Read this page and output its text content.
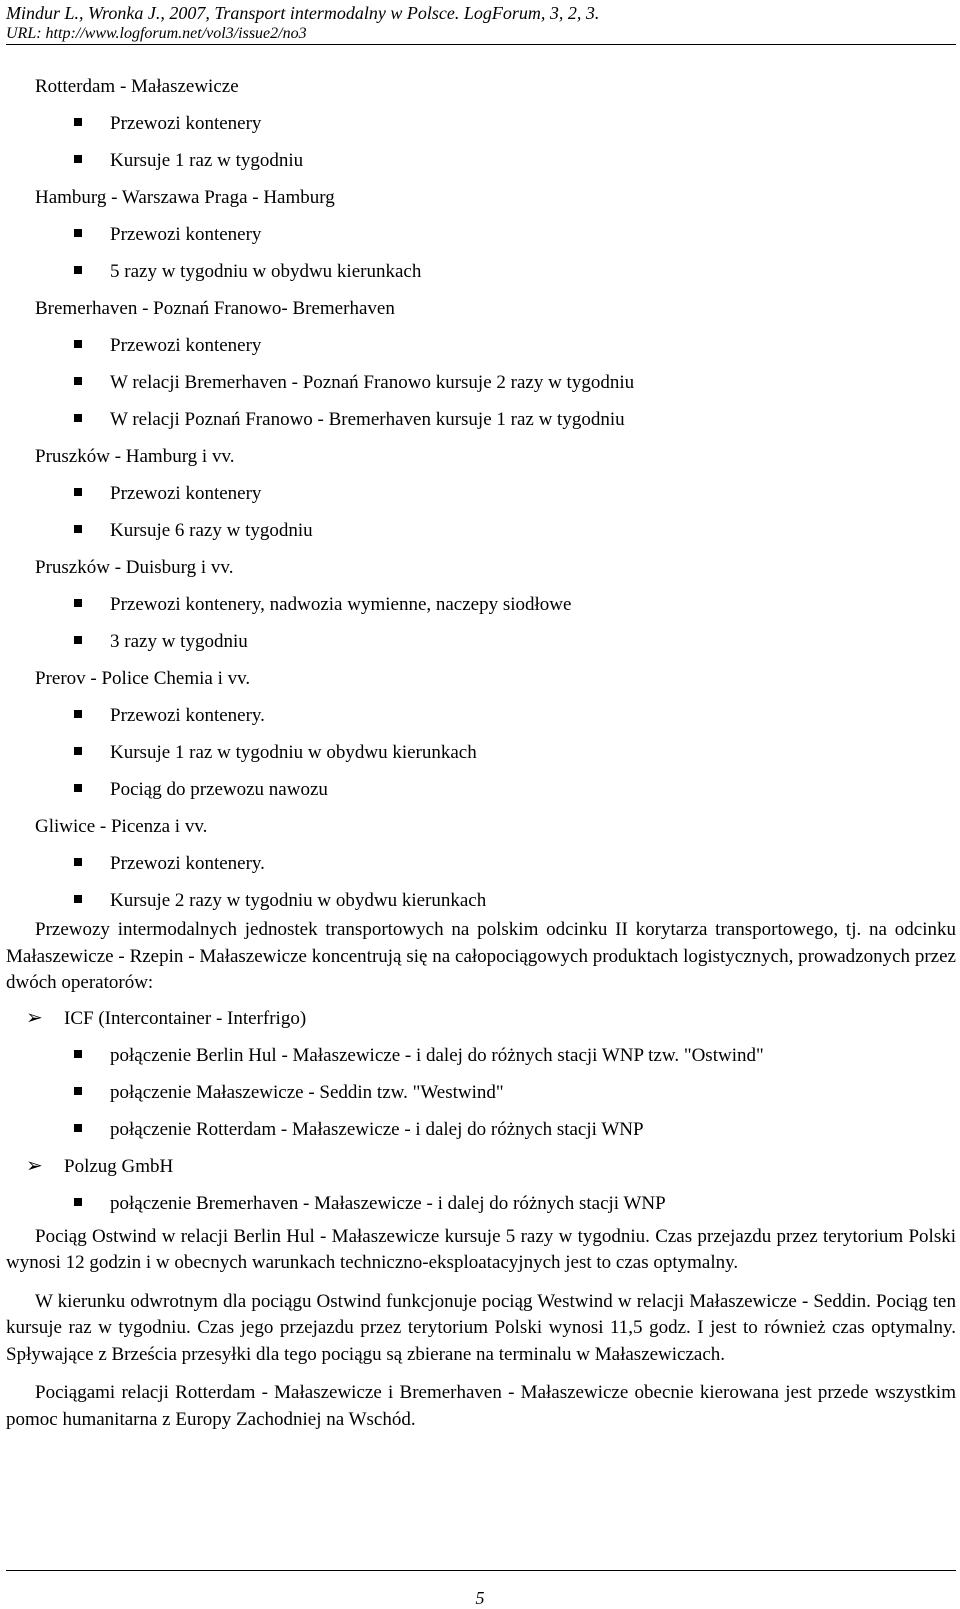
Mindur L., Wronka J., 2007, Transport intermodalny w Polsce. LogForum, 3, 2, 3.
URL: http://www.logforum.net/vol3/issue2/no3
Rotterdam - Małaszewicze
Przewozi kontenery
Kursuje 1 raz w tygodniu
Hamburg - Warszawa Praga - Hamburg
Przewozi kontenery
5 razy w tygodniu w obydwu kierunkach
Bremerhaven - Poznań Franowo- Bremerhaven
Przewozi kontenery
W relacji Bremerhaven - Poznań Franowo kursuje 2 razy w tygodniu
W relacji Poznań Franowo - Bremerhaven kursuje 1 raz w tygodniu
Pruszków - Hamburg i vv.
Przewozi kontenery
Kursuje 6 razy w tygodniu
Pruszków - Duisburg i vv.
Przewozi kontenery, nadwozia wymienne, naczepy siodłowe
3 razy w tygodniu
Prerov - Police Chemia i vv.
Przewozi kontenery.
Kursuje 1 raz w tygodniu w obydwu kierunkach
Pociąg do przewozu nawozu
Gliwice - Picenza i vv.
Przewozi kontenery.
Kursuje 2 razy w tygodniu w obydwu kierunkach

Przewozy intermodalnych jednostek transportowych na polskim odcinku II korytarza transportowego, tj. na odcinku Małaszewicze - Rzepin - Małaszewicze koncentrują się na całopociągowych produktach logistycznych, prowadzonych przez dwóch operatorów:

➢ ICF (Intercontainer - Interfrigo)
połączenie Berlin Hul - Małaszewicze - i dalej do różnych stacji WNP tzw. "Ostwind"
połączenie Małaszewicze - Seddin tzw. "Westwind"
połączenie Rotterdam - Małaszewicze - i dalej do różnych stacji WNP
➢ Polzug GmbH
połączenie Bremerhaven - Małaszewicze - i dalej do różnych stacji WNP

Pociąg Ostwind w relacji Berlin Hul - Małaszewicze kursuje 5 razy w tygodniu. Czas przejazdu przez terytorium Polski wynosi 12 godzin i w obecnych warunkach techniczno-eksploatacyjnych jest to czas optymalny.

W kierunku odwrotnym dla pociągu Ostwind funkcjonuje pociąg Westwind w relacji Małaszewicze - Seddin. Pociąg ten kursuje raz w tygodniu. Czas jego przejazdu przez terytorium Polski wynosi 11,5 godz. I jest to również czas optymalny. Spływające z Brześcia przesyłki dla tego pociągu są zbierane na terminalu w Małaszewiczach.

Pociągami relacji Rotterdam - Małaszewicze i Bremerhaven - Małaszewicze obecnie kierowana jest przede wszystkim pomoc humanitarna z Europy Zachodniej na Wschód.

5
